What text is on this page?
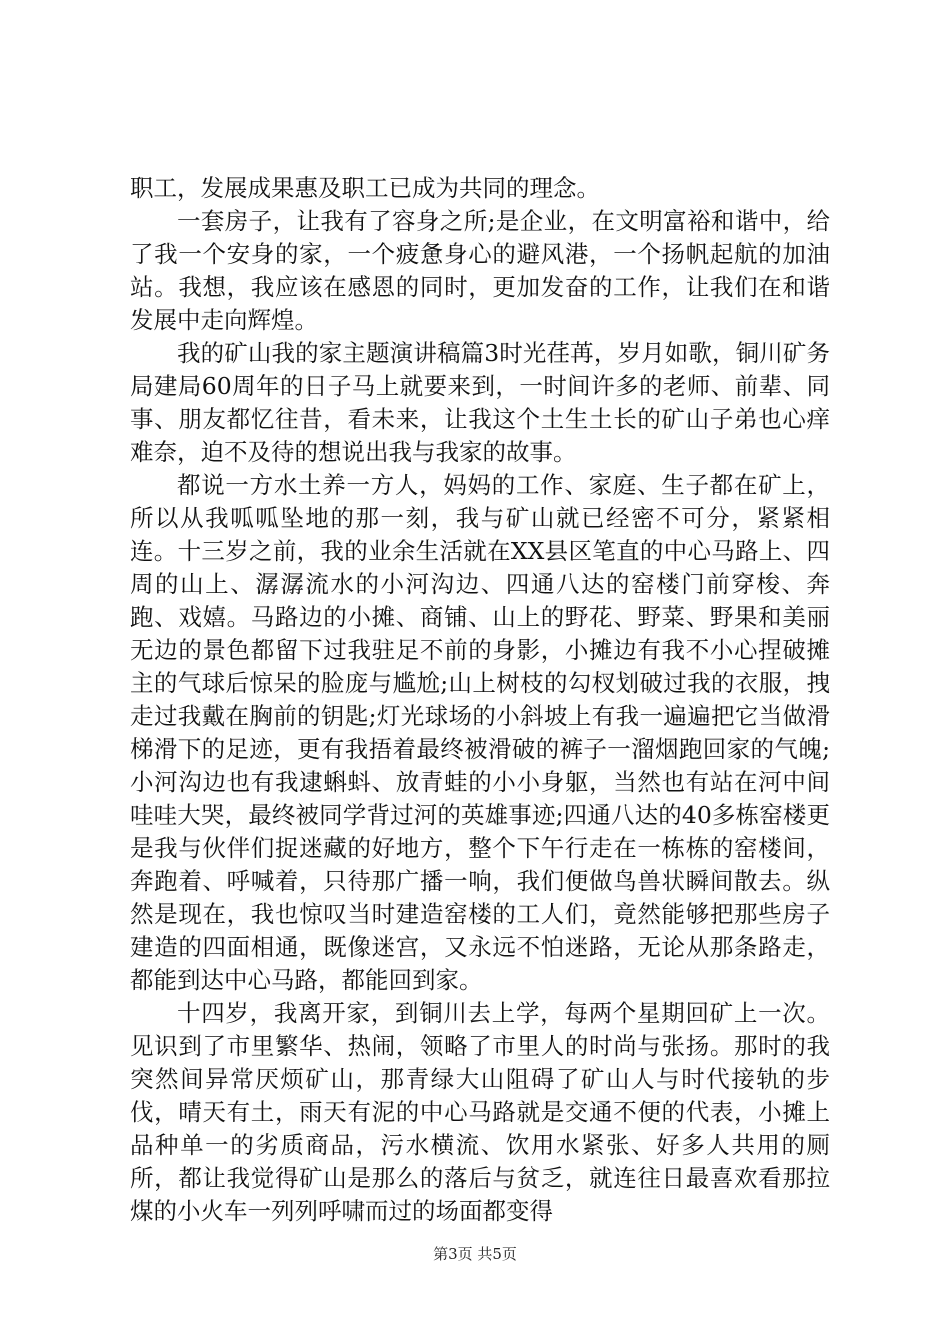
职工，发展成果惠及职工已成为共同的理念。

一套房子，让我有了容身之所;是企业，在文明富裕和谐中，给了我一个安身的家，一个疲惫身心的避风港，一个扬帆起航的加油站。我想，我应该在感恩的同时，更加发奋的工作，让我们在和谐发展中走向辉煌。

我的矿山我的家主题演讲稿篇3时光荏苒，岁月如歌，铜川矿务局建局60周年的日子马上就要来到，一时间许多的老师、前辈、同事、朋友都忆往昔，看未来，让我这个土生土长的矿山子弟也心痒难奈，迫不及待的想说出我与我家的故事。

都说一方水土养一方人，妈妈的工作、家庭、生子都在矿上，所以从我呱呱坠地的那一刻，我与矿山就已经密不可分，紧紧相连。十三岁之前，我的业余生活就在XX县区笔直的中心马路上、四周的山上、潺潺流水的小河沟边、四通八达的窑楼门前穿梭、奔跑、戏嬉。马路边的小摊、商铺、山上的野花、野菜、野果和美丽无边的景色都留下过我驻足不前的身影，小摊边有我不小心捏破摊主的气球后惊呆的脸庞与尴尬;山上树枝的勾杈划破过我的衣服，拽走过我戴在胸前的钥匙;灯光球场的小斜坡上有我一遍遍把它当做滑梯滑下的足迹，更有我捂着最终被滑破的裤子一溜烟跑回家的气魄;小河沟边也有我逮蝌蚪、放青蛙的小小身躯，当然也有站在河中间哇哇大哭，最终被同学背过河的英雄事迹;四通八达的40多栋窑楼更是我与伙伴们捉迷藏的好地方，整个下午行走在一栋栋的窑楼间，奔跑着、呼喊着，只待那广播一响，我们便做鸟兽状瞬间散去。纵然是现在，我也惊叹当时建造窑楼的工人们，竟然能够把那些房子建造的四面相通，既像迷宫，又永远不怕迷路，无论从那条路走，都能到达中心马路，都能回到家。

十四岁，我离开家，到铜川去上学，每两个星期回矿上一次。见识到了市里繁华、热闹，领略了市里人的时尚与张扬。那时的我突然间异常厌烦矿山，那青绿大山阻碍了矿山人与时代接轨的步伐，晴天有土，雨天有泥的中心马路就是交通不便的代表，小摊上品种单一的劣质商品，污水横流、饮用水紧张、好多人共用的厕所，都让我觉得矿山是那么的落后与贫乏，就连往日最喜欢看那拉煤的小火车一列列呼啸而过的场面都变得

第3页 共5页
